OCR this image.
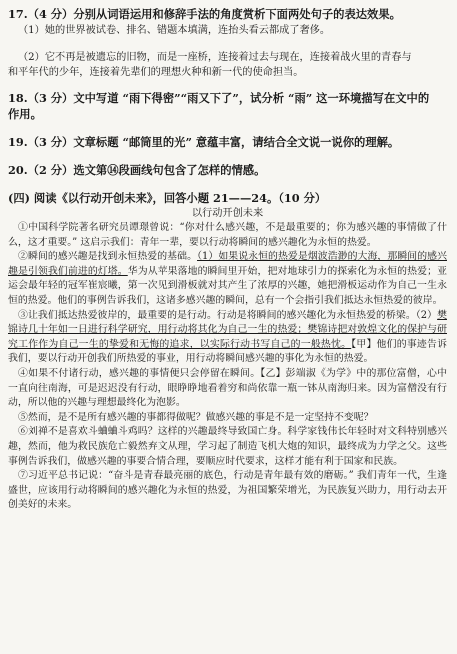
17.（4 分）分别从词语运用和修辞手法的角度赏析下面两处句子的表达效果。

（1）她的世界被试卷、排名、错题本填满，连抬头看云都成了奢侈。

（2）它不再是被遗忘的旧物，而是一座桥，连接着过去与现在，连接着战火里的青春与

和平年代的少年，连接着先辈们的理想火种和新一代的使命担当。

18.（3 分）文中写道 “雨下得密”“雨又下了”，试分析 “雨” 这一环境描写在文中的

作用。

19.（3 分）文章标题 “邮筒里的光” 意蕴丰富，请结合全文说一说你的理解。

20.（2 分）选文第⑭段画线句包含了怎样的情感。

(四) 阅读《以行动开创未来》，回答小题 21——24。（10 分）

以行动开创未来

①中国科学院著名研究员谭璟曾说：“你对什么感兴趣，不是最重要的；你为感兴趣的事情做了什么，这才重要。” 这启示我们：青年一辈，要以行动将瞬间的感兴趣化为永恒的热爱。

②瞬间的感兴趣是找到永恒热爱的基础。（1）如果说永恒的热爱是烟波浩渺的大海，那瞬间的感兴趣是引领我们前进的灯塔。华为从苹果落地的瞬间里开始，把对地球引力的探索化为永恒的热爱；亚运会最年轻的冠军崔宸曦，第一次见到滑板就对其产生了浓厚的兴趣，她把滑板运动作为自己一生永恒的热爱。他们的事例告诉我们，这诸多感兴趣的瞬间，总有一个会指引我们抵达永恒热爱的彼岸。

③让我们抵达热爱彼岸的，最重要的是行动。行动是将瞬间的感兴趣化为永恒热爱的桥梁。（2）樊锦诗几十年如一日进行科学研究，用行动将其化为自己一生的热爱；樊锦诗把对敦煌文化的保护与研究工作作为自己一生的挚爱和无悔的追求，以实际行动书写自己的一般热忱。【甲】他们的事迹告诉我们，要以行动开创我们所热爱的事业，用行动将瞬间感兴趣的事化为永恒的热爱。

④如果不付诸行动，感兴趣的事情便只会停留在瞬间。【乙】彭端淑《为学》中的那位富僧，心中一直向往南海，可是迟迟没有行动，眼睁睁地看着穷和尚依靠一瓶一钵从南海归来。因为富僧没有行动，所以他的兴趣与理想最终化为泡影。

⑤然而，是不是所有感兴趣的事都得做呢？做感兴趣的事是不是一定坚持不变呢？

⑥刘禅不是喜欢斗蛐蛐斗鸡吗？这样的兴趣最终导致国亡身。科学家钱伟长年轻时对文科特别感兴趣，然而，他为救民族危亡毅然弃文从理，学习起了制造飞机大炮的知识，最终成为力学之父。这些事例告诉我们，做感兴趣的事要合情合理，要顺应时代要求，这样才能有利于国家和民族。

⑦习近平总书记说：“奋斗是青春最亮丽的底色，行动是青年最有效的磨砺。” 我们青年一代，生逢盛世，应该用行动将瞬间的感兴趣化为永恒的热爱，为祖国繁荣增光，为民族复兴助力，用行动去开创美好的未来。
